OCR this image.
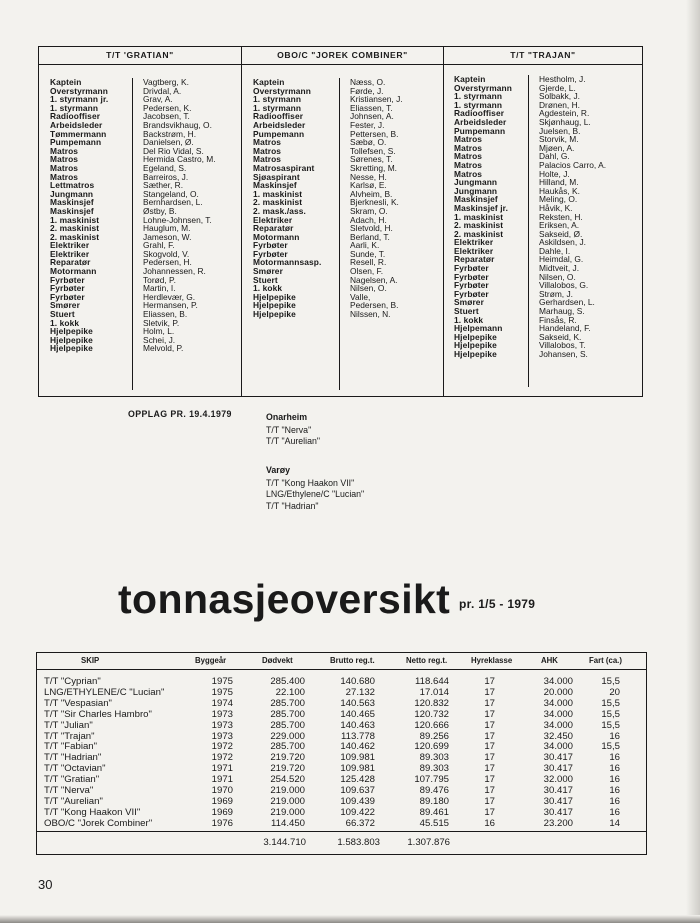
T/T 'GRATIAN"
Kaptein
Overstyrmann
1. styrmann jr.
1. styrmann
Radiooffiser
Arbeidsleder
Tømmermann
Pumpemann
Matros
Matros
Matros
Matros
Lettmatros
Jungmann
Maskinsjef
Maskinsjef
1. maskinist
2. maskinist
2. maskinist
Elektriker
Elektriker
Reparatør
Motormann
Fyrbøter
Fyrbøter
Fyrbøter
Smører
Stuert
1. kokk
Hjelpepike
Hjelpepike
Hjelpepike
Vagtberg, K.
Drivdal, A.
Grav, A.
Pedersen, K.
Jacobsen, T.
Brandsvikhaug, O.
Backstrøm, H.
Danielsen, Ø.
Del Rio Vidal, S.
Hermida Castro, M.
Egeland, S.
Barreiros, J.
Sæther, R.
Stangeland, O.
Bernhardsen, L.
Østby, B.
Lohne-Johnsen, T.
Hauglum, M.
Jameson, W.
Grahl, F.
Skogvold, V.
Pedersen, H.
Johannessen, R.
Torød, P.
Martin, I.
Herdlevær, G.
Hermansen, P.
Eliassen, B.
Sletvik, P.
Holm, L.
Schei, J.
Melvold, P.
OBO/C "JOREK COMBINER"
Kaptein
Overstyrmann
1. styrmann
1. styrmann
Radiooffiser
Arbeidsleder
Pumpemann
Matros
Matros
Matros
Matrosaspirant
Sjøaspirant
Maskinsjef
1. maskinist
2. maskinist
2. mask./ass.
Elektriker
Reparatør
Motormann
Fyrbøter
Fyrbøter
Motormannsasp.
Smører
Stuert
1. kokk
Hjelpepike
Hjelpepike
Hjelpepike
Næss, O.
Førde, J.
Kristiansen, J.
Eliassen, T.
Johnsen, A.
Fester, J.
Pettersen, B.
Sæbø, O.
Tollefsen, S.
Sørenes, T.
Skretting, M.
Nesse, H.
Karlsø, E.
Alvheim, B.
Bjerknesli, K.
Skram, O.
Adach, H.
Sletvold, H.
Berland, T.
Aarli, K.
Sunde, T.
Resell, R.
Olsen, F.
Nagelsen, A.
Nilsen, O.
Valle,
Pedersen, B.
Nilssen, N.
T/T "TRAJAN"
Kaptein
Overstyrmann
1. styrmann
1. styrmann
Radiooffiser
Arbeidsleder
Pumpemann
Matros
Matros
Matros
Matros
Matros
Jungmann
Jungmann
Maskinsjef
Maskinsjef jr.
1. maskinist
2. maskinist
2. maskinist
Elektriker
Elektriker
Reparatør
Fyrbøter
Fyrbøter
Fyrbøter
Fyrbøter
Smører
Stuert
1. kokk
Hjelpemann
Hjelpepike
Hjelpepike
Hjelpepike
Hestholm, J.
Gjerde, L.
Solbakk, J.
Drønen, H.
Agdestein, R.
Skjønhaug, L.
Juelsen, B.
Storvik, M.
Mjøen, A.
Dahl, G.
Palacios Carro, A.
Holte, J.
Hilland, M.
Haukås, K.
Meling, O.
Håvik, K.
Reksten, H.
Eriksen, A.
Sakseid, Ø.
Askildsen, J.
Dahle, I.
Heimdal, G.
Midtveit, J.
Nilsen, O.
Villalobos, G.
Strøm, J.
Gerhardsen, L.
Marhaug, S.
Finsås, R.
Handeland, F.
Sakseid, K.
Villalobos, T.
Johansen, S.
OPPLAG PR. 19.4.1979	Onarheim
T/T "Nerva"
T/T "Aurelian"
Varøy
T/T "Kong Haakon VII"
LNG/Ethylene/C "Lucian"
T/T "Hadrian"
tonnasjeoversikt pr. 1/5 - 1979
SKIP	Byggeår	Dødvekt	Brutto reg.t.	Netto reg.t.	Hyreklasse	AHK	Fart (ca.)
3.144.710	1.583.803	1.307.876
T/T "Cyprian"	1975	285.400	140.680	118.644	17	34.000	15,5
LNG/ETHYLENE/C "Lucian"	1975	22.100	27.132	17.014	17	20.000	20
T/T "Vespasian"	1974	285.700	140.563	120.832	17	34.000	15,5
T/T "Sir Charles Hambro"	1973	285.700	140.465	120.732	17	34.000	15,5
T/T "Julian"	1973	285.700	140.463	120.666	17	34.000	15,5
T/T "Trajan"	1973	229.000	113.778	89.256	17	32.450	16
T/T "Fabian"	1972	285.700	140.462	120.699	17	34.000	15,5
T/T "Hadrian"	1972	219.720	109.981	89.303	17	30.417	16
T/T "Octavian"	1971	219.720	109.981	89.303	17	30.417	16
T/T "Gratian"	1971	254.520	125.428	107.795	17	32.000	16
T/T "Nerva"	1970	219.000	109.637	89.476	17	30.417	16
T/T "Aurelian"	1969	219.000	109.439	89.180	17	30.417	16
T/T "Kong Haakon VII"	1969	219.000	109.422	89.461	17	30.417	16
OBO/C "Jorek Combiner"	1976	114.450	66.372	45.515	16	23.200	14
30
